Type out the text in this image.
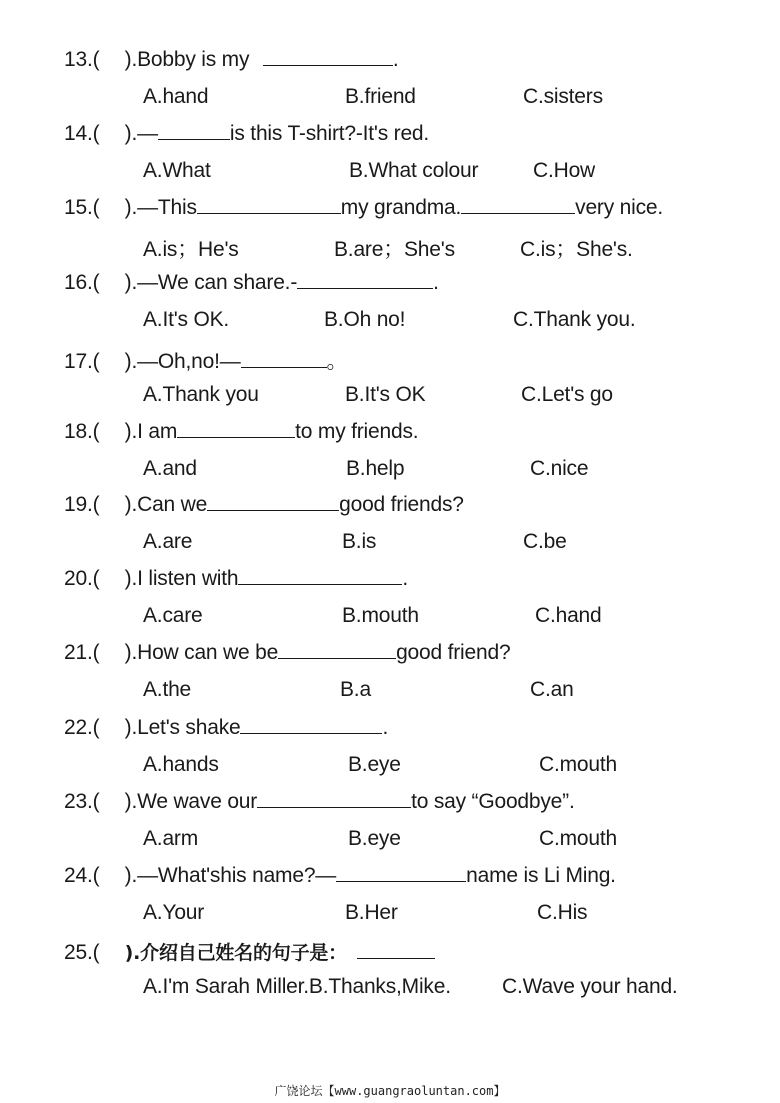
13.( ).Bobby is my	.
A.hand	B.friend	C.sisters
14.( ).—	is this T-shirt?-It's red.
A.What	B.What colour	C.How
15.( ).—This	my grandma.	very nice.
A.is；He's	B.are；She's	C.is；She's.
16.( ).—We can share.-	.
A.It's OK.	B.Oh no!	C.Thank you.
17.( ).—Oh,no!—	。
A.Thank you	B.It's OK	C.Let's go
18.( ).I am	to my friends.
A.and	B.help	C.nice
19.( ).Can we	good friends?
A.are	B.is	C.be
20.( ).I listen with	.
A.care	B.mouth	C.hand
21.( ).How can we be	good friend?
A.the	B.a	C.an
22.( ).Let's shake	.
A.hands	B.eye	C.mouth
23.( ).We wave our	to say “Goodbye”.
A.arm	B.eye	C.mouth
24.( ).—What'shis name?—	name is Li Ming.
A.Your	B.Her	C.His
25.( ).介绍自己姓名的句子是：
A.I'm Sarah Miller.B.Thanks,Mike. C.Wave your hand.
广饶论坛【www.guangraoluntan.com】
